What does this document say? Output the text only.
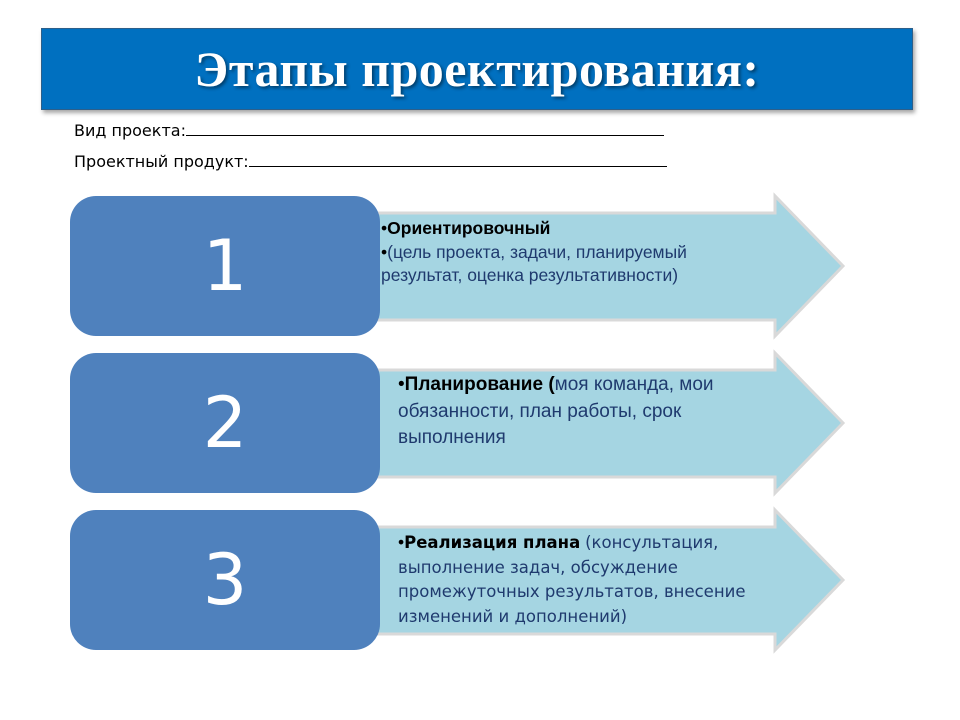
Этапы проектирования:
Вид проекта:
Проектный продукт:
1
2
3
•Ориентировочный
•(цель проекта, задачи, планируемый результат, оценка результативности)
•Планирование (моя команда, мои обязанности, план работы, срок выполнения
•Реализация плана (консультация, выполнение задач, обсуждение промежуточных результатов, внесение изменений и дополнений)
